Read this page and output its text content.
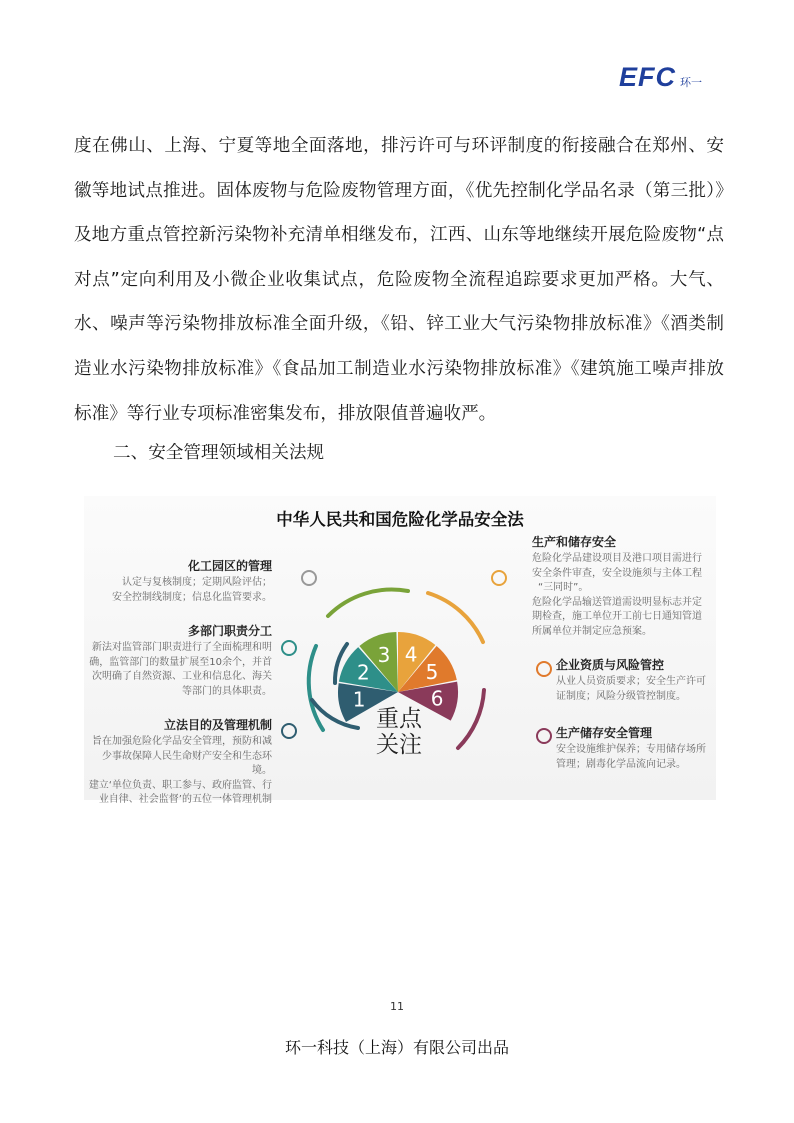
EFC 环一

度在佛山、上海、宁夏等地全面落地，排污许可与环评制度的衔接融合在郑州、安徽等地试点推进。固体废物与危险废物管理方面，《优先控制化学品名录（第三批）》及地方重点管控新污染物补充清单相继发布，江西、山东等地继续开展危险废物“点对点”定向利用及小微企业收集试点，危险废物全流程追踪要求更加严格。大气、水、噪声等污染物排放标准全面升级，《铅、锌工业大气污染物排放标准》《酒类制造业水污染物排放标准》《食品加工制造业水污染物排放标准》《建筑施工噪声排放标准》等行业专项标准密集发布，排放限值普遍收严。

二、安全管理领域相关法规
中华人民共和国危险化学品安全法
化工园区的管理
认定与复核制度；定期风险评估；
安全控制线制度；信息化监管要求。
多部门职责分工
新法对监管部门职责进行了全面梳理和明
确，监管部门的数量扩展至10余个，并首
次明确了自然资源、工业和信息化、海关
等部门的具体职责。
立法目的及管理机制
旨在加强危险化学品安全管理，预防和减
少事故保障人民生命财产安全和生态环境。
建立‘单位负责、职工参与、政府监管、行
业自律、社会监督’的五位一体管理机制
1
2
3 4
5
6
重点
关注
生产和储存安全
危险化学品建设项目及港口项目需进行
安全条件审查，安全设施须与主体工程
“三同时”。
危险化学品输送管道需设明显标志并定
期检查，施工单位开工前七日通知管道
所属单位并制定应急预案。
企业资质与风险管控
从业人员资质要求；安全生产许可
证制度；风险分级管控制度。
生产储存安全管理
安全设施维护保养；专用储存场所
管理；剧毒化学品流向记录。
11
环一科技（上海）有限公司出品
